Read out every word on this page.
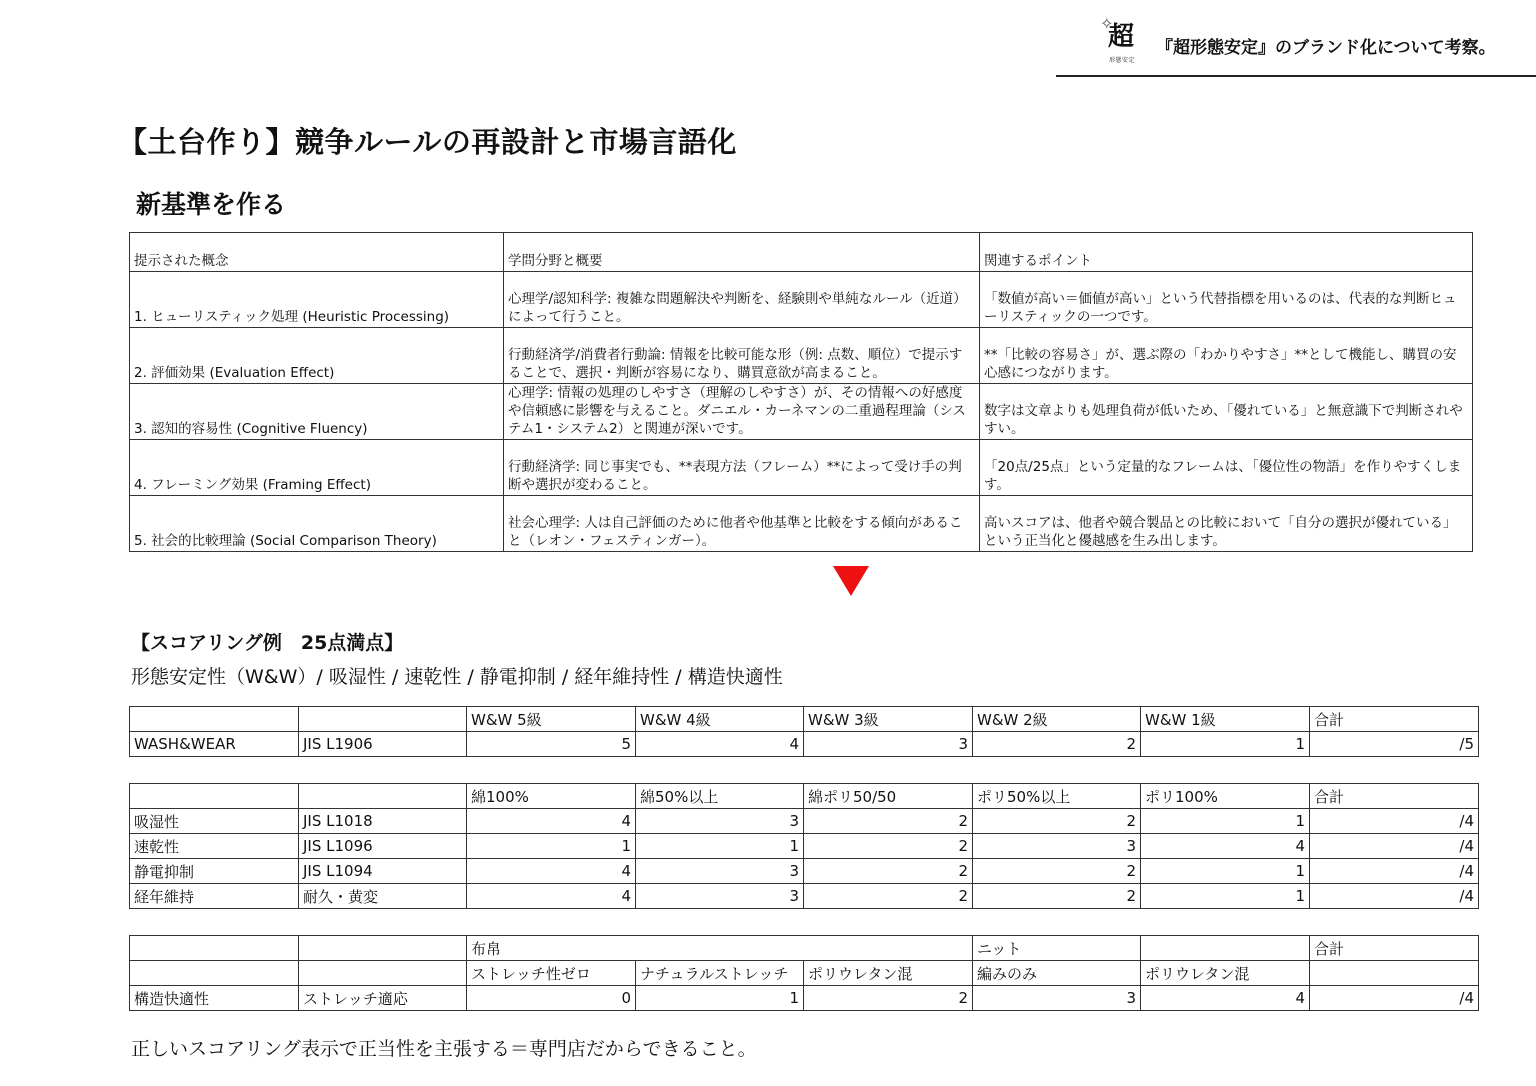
✧
超
形態安定
『超形態安定』のブランド化について考察。
【土台作り】競争ルールの再設計と市場言語化
新基準を作る
提示された概念	学問分野と概要	関連するポイント
1. ヒューリスティック処理 (Heuristic Processing)	心理学/認知科学: 複雑な問題解決や判断を、経験則や単純なルール（近道）によって行うこと。	「数値が高い＝価値が高い」という代替指標を用いるのは、代表的な判断ヒューリスティックの一つです。
2. 評価効果 (Evaluation Effect)	行動経済学/消費者行動論: 情報を比較可能な形（例: 点数、順位）で提示することで、選択・判断が容易になり、購買意欲が高まること。	**「比較の容易さ」が、選ぶ際の「わかりやすさ」**として機能し、購買の安心感につながります。
3. 認知的容易性 (Cognitive Fluency)	心理学: 情報の処理のしやすさ（理解のしやすさ）が、その情報への好感度や信頼感に影響を与えること。ダニエル・カーネマンの二重過程理論（システム1・システム2）と関連が深いです。	数字は文章よりも処理負荷が低いため、「優れている」と無意識下で判断されやすい。
4. フレーミング効果 (Framing Effect)	行動経済学: 同じ事実でも、**表現方法（フレーム）**によって受け手の判断や選択が変わること。	「20点/25点」という定量的なフレームは、「優位性の物語」を作りやすくします。
5. 社会的比較理論 (Social Comparison Theory)	社会心理学: 人は自己評価のために他者や他基準と比較をする傾向があること（レオン・フェスティンガー）。	高いスコアは、他者や競合製品との比較において「自分の選択が優れている」という正当化と優越感を生み出します。
【スコアリング例　25点満点】
形態安定性（W&W）/ 吸湿性 / 速乾性 / 静電抑制 / 経年維持性 / 構造快適性
		W&W 5級	W&W 4級	W&W 3級	W&W 2級	W&W 1級	合計
WASH&WEAR	JIS L1906	5	4	3	2	1	/5
		綿100%	綿50%以上	綿ポリ50/50	ポリ50%以上	ポリ100%	合計
吸湿性	JIS L1018	4	3	2	2	1	/4
速乾性	JIS L1096	1	1	2	3	4	/4
静電抑制	JIS L1094	4	3	2	2	1	/4
経年維持	耐久・黄変	4	3	2	2	1	/4
		布帛			ニット		合計
		ストレッチ性ゼロ	ナチュラルストレッチ	ポリウレタン混	編みのみ	ポリウレタン混	
構造快適性	ストレッチ適応	0	1	2	3	4	/4
正しいスコアリング表示で正当性を主張する＝専門店だからできること。
